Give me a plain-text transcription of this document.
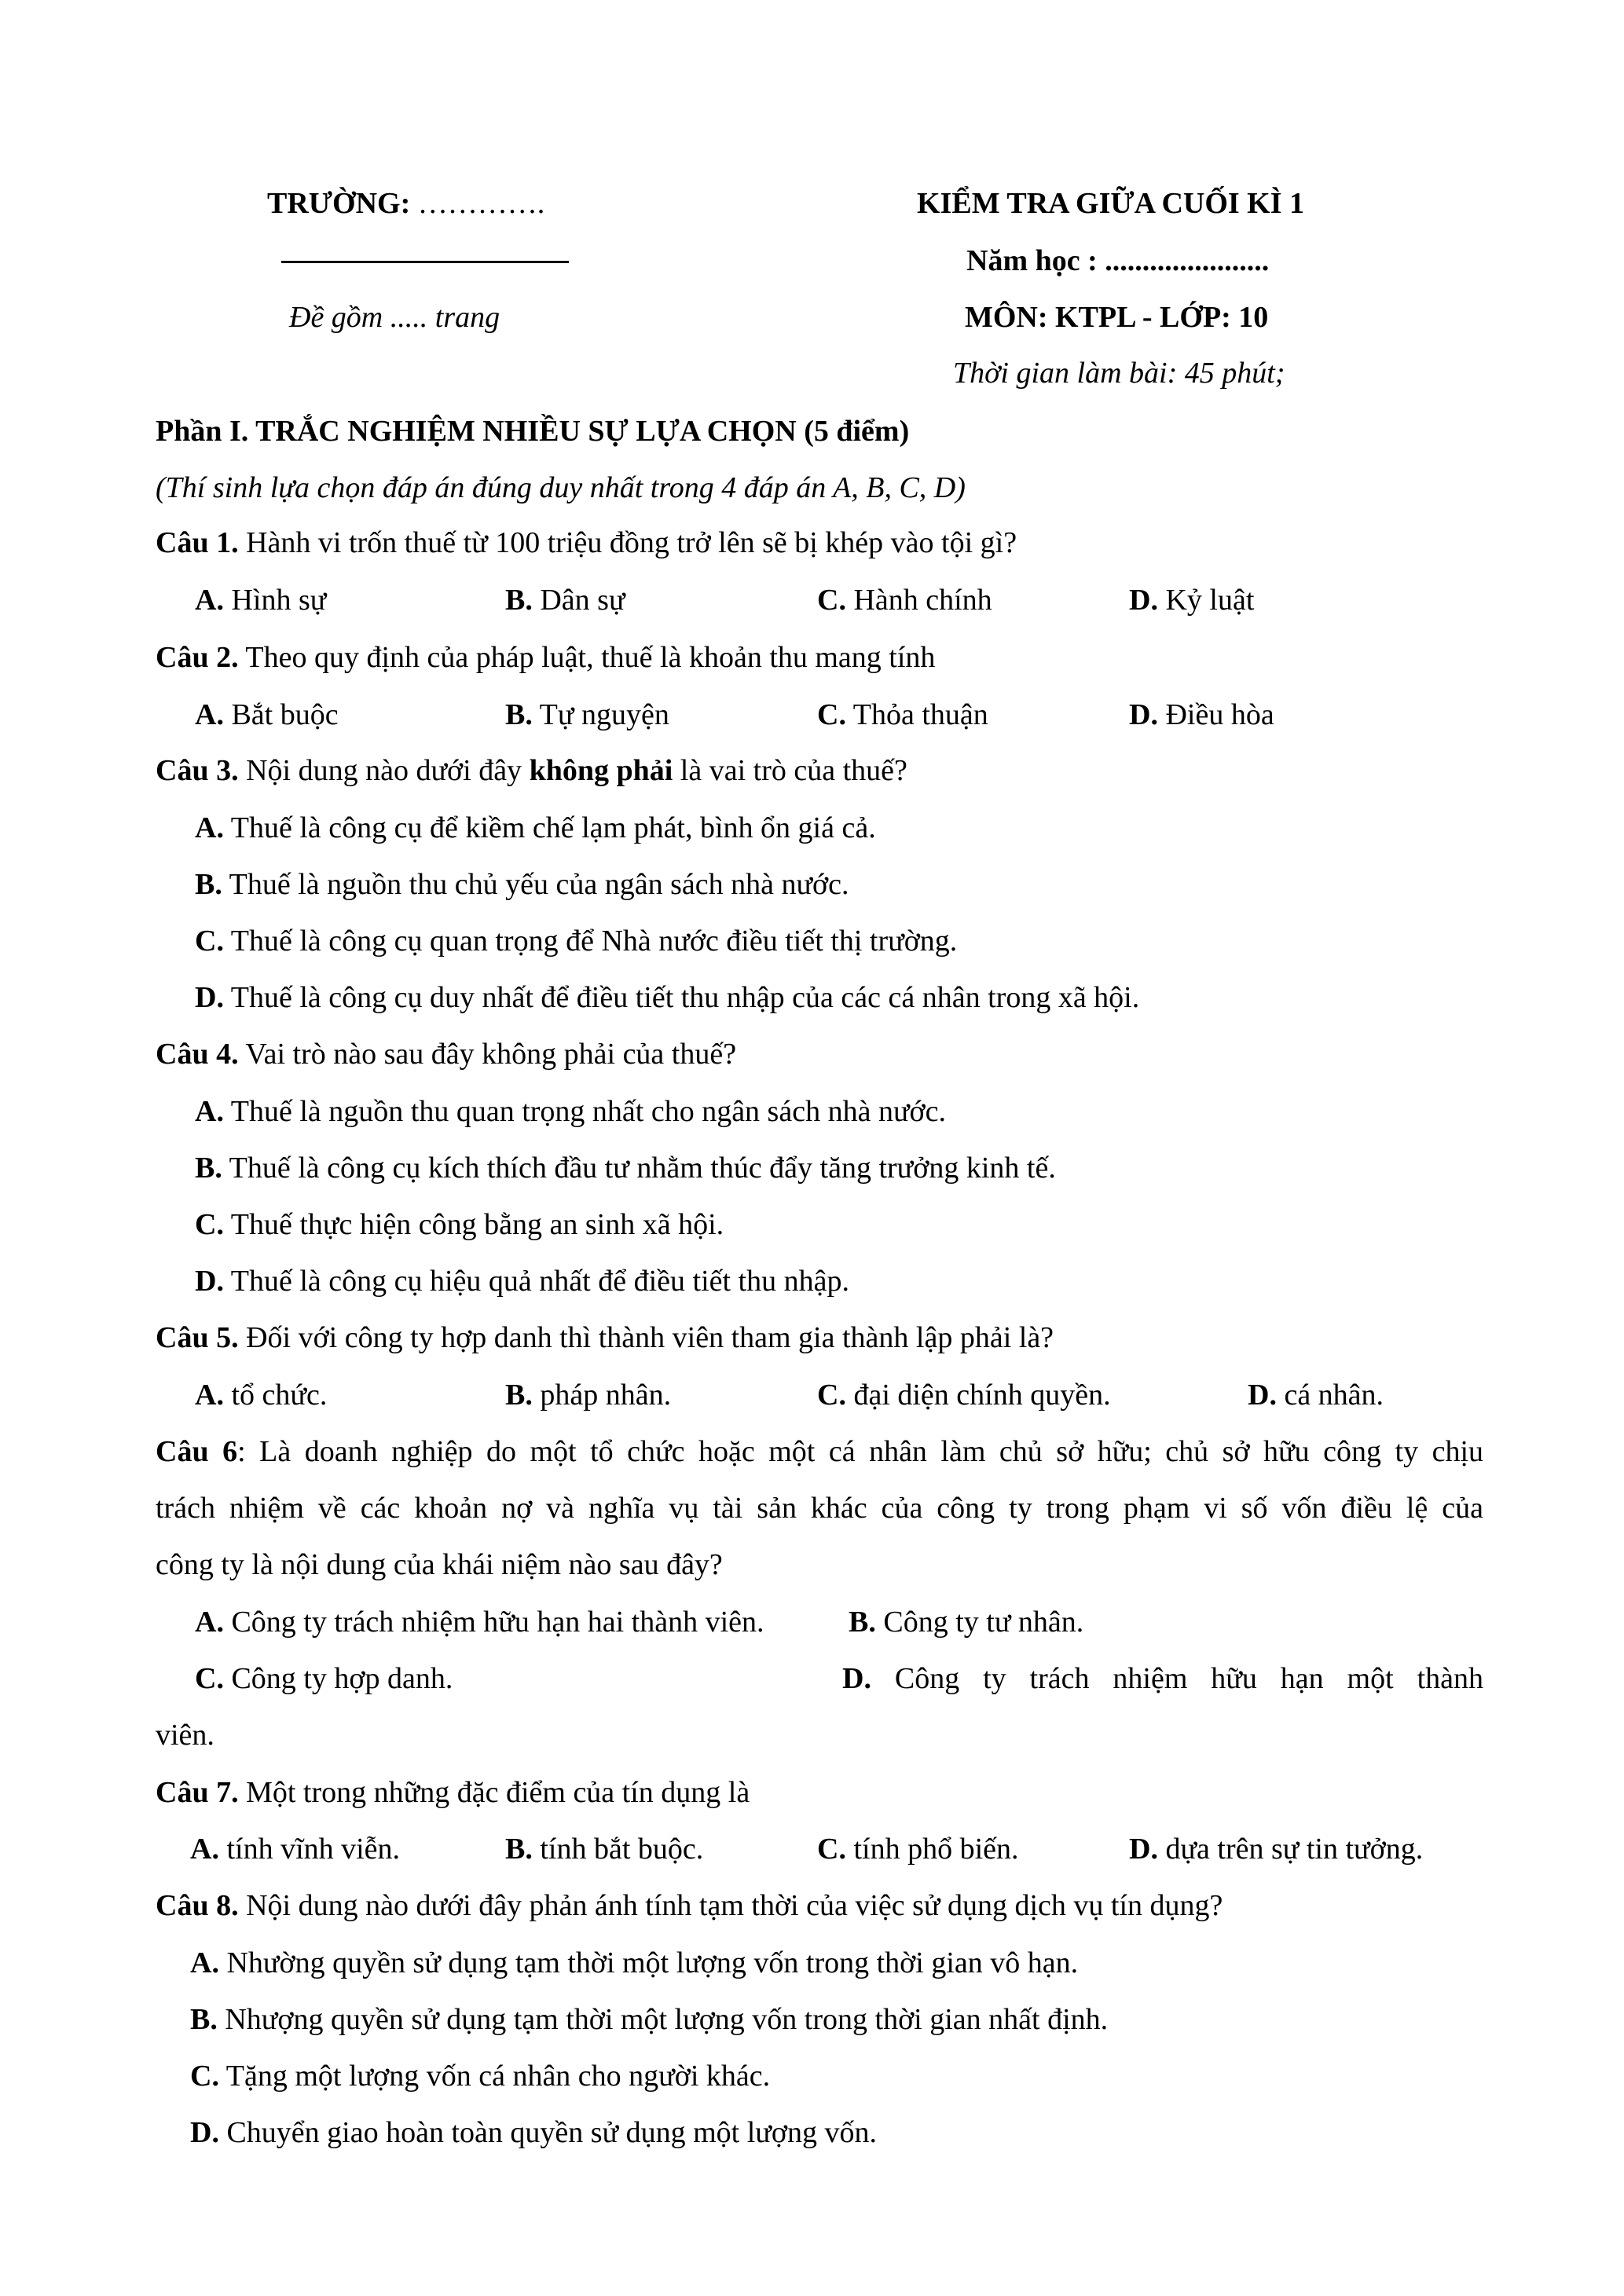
TRƯỜNG: ………….
Đề gồm ..... trang
KIỂM TRA GIỮA CUỐI KÌ 1
Năm học : ......................
MÔN: KTPL - LỚP: 10
Thời gian làm bài: 45 phút;
Phần I. TRẮC NGHIỆM NHIỀU SỰ LỰA CHỌN (5 điểm)
(Thí sinh lựa chọn đáp án đúng duy nhất trong 4 đáp án A, B, C, D)
Câu 1. Hành vi trốn thuế từ 100 triệu đồng trở lên sẽ bị khép vào tội gì?
A. Hình sự	B. Dân sự	C. Hành chính	D. Kỷ luật
Câu 2. Theo quy định của pháp luật, thuế là khoản thu mang tính
A. Bắt buộc	B. Tự nguyện	C. Thỏa thuận	D. Điều hòa
Câu 3. Nội dung nào dưới đây không phải là vai trò của thuế?
A. Thuế là công cụ để kiềm chế lạm phát, bình ổn giá cả.
B. Thuế là nguồn thu chủ yếu của ngân sách nhà nước.
C. Thuế là công cụ quan trọng để Nhà nước điều tiết thị trường.
D. Thuế là công cụ duy nhất để điều tiết thu nhập của các cá nhân trong xã hội.
Câu 4. Vai trò nào sau đây không phải của thuế?
A. Thuế là nguồn thu quan trọng nhất cho ngân sách nhà nước.
B. Thuế là công cụ kích thích đầu tư nhằm thúc đẩy tăng trưởng kinh tế.
C. Thuế thực hiện công bằng an sinh xã hội.
D. Thuế là công cụ hiệu quả nhất để điều tiết thu nhập.
Câu 5. Đối với công ty hợp danh thì thành viên tham gia thành lập phải là?
A. tổ chức.	B. pháp nhân.	C. đại diện chính quyền.	D. cá nhân.
Câu 6: Là doanh nghiệp do một tổ chức hoặc một cá nhân làm chủ sở hữu; chủ sở hữu công ty chịu
trách nhiệm về các khoản nợ và nghĩa vụ tài sản khác của công ty trong phạm vi số vốn điều lệ của
công ty là nội dung của khái niệm nào sau đây?
A. Công ty trách nhiệm hữu hạn hai thành viên.	B. Công ty tư nhân.
C. Công ty hợp danh.	D. Công ty trách nhiệm hữu hạn một thành
viên.
Câu 7. Một trong những đặc điểm của tín dụng là
A. tính vĩnh viễn.	B. tính bắt buộc.	C. tính phổ biến.	D. dựa trên sự tin tưởng.
Câu 8. Nội dung nào dưới đây phản ánh tính tạm thời của việc sử dụng dịch vụ tín dụng?
A. Nhường quyền sử dụng tạm thời một lượng vốn trong thời gian vô hạn.
B. Nhượng quyền sử dụng tạm thời một lượng vốn trong thời gian nhất định.
C. Tặng một lượng vốn cá nhân cho người khác.
D. Chuyển giao hoàn toàn quyền sử dụng một lượng vốn.
